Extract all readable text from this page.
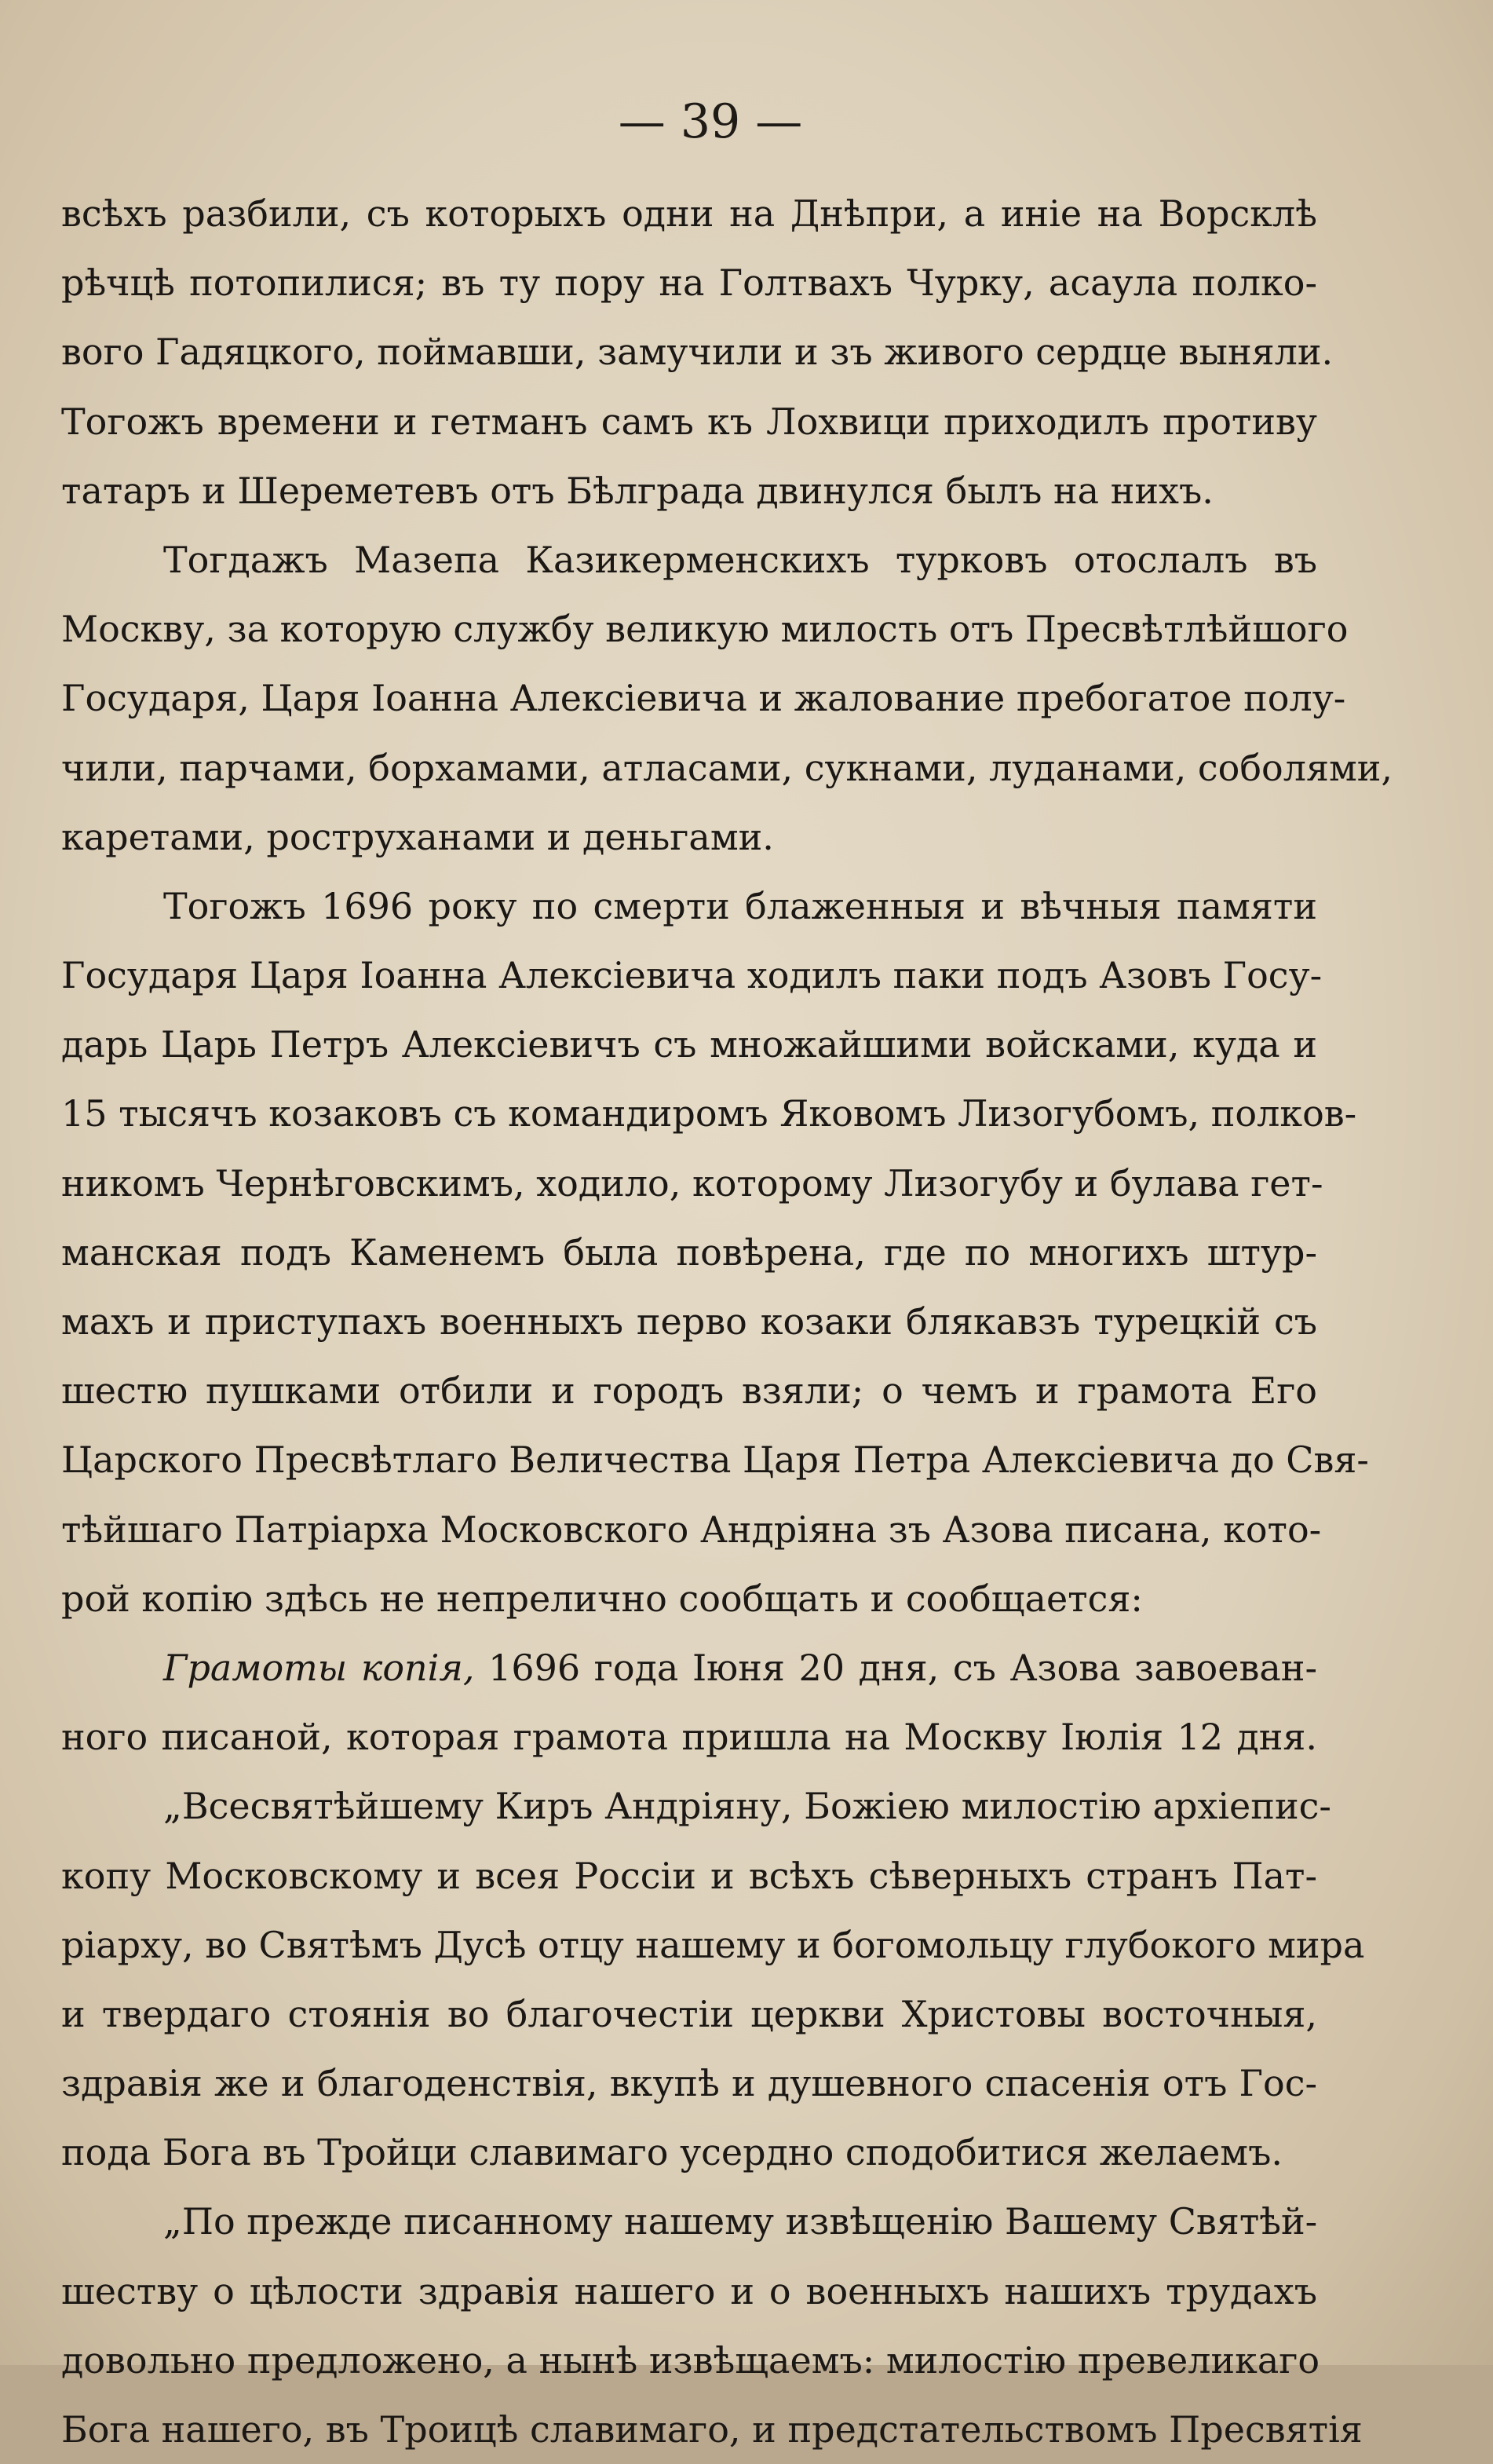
— 39 —
всѣхъ разбили, съ которыхъ одни на Днѣпри, а иніе на Ворсклѣ
рѣчцѣ потопилися; въ ту пору на Голтвахъ Чурку, асаула полко-
вого Гадяцкого, поймавши, замучили и зъ живого сердце выняли.
Тогожъ времени и гетманъ самъ къ Лохвици приходилъ противу
татаръ и Шереметевъ отъ Бѣлграда двинулся былъ на нихъ.
Тогдажъ Мазепа Казикерменскихъ турковъ отослалъ въ
Москву, за которую службу великую милость отъ Пресвѣтлѣйшого
Государя, Царя Іоанна Алексіевича и жалование пребогатое полу-
чили, парчами, борхамами, атласами, сукнами, луданами, соболями,
каретами, роструханами и деньгами.
Тогожъ 1696 року по смерти блаженныя и вѣчныя памяти
Государя Царя Іоанна Алексіевича ходилъ паки подъ Азовъ Госу-
дарь Царь Петръ Алексіевичъ съ множайшими войсками, куда и
15 тысячъ козаковъ съ командиромъ Яковомъ Лизогубомъ, полков-
никомъ Чернѣговскимъ, ходило, которому Лизогубу и булава гет-
манская подъ Каменемъ была повѣрена, где по многихъ штур-
махъ и приступахъ военныхъ перво козаки блякавзъ турецкій съ
шестю пушками отбили и городъ взяли; о чемъ и грамота Его
Царского Пресвѣтлаго Величества Царя Петра Алексіевича до Свя-
тѣйшаго Патріарха Московского Андріяна зъ Азова писана, кото-
рой копію здѣсь не непрелично сообщать и сообщается:
Грамоты копія, 1696 года Іюня 20 дня, съ Азова завоеван-
ного писаной, которая грамота пришла на Москву Іюлія 12 дня.
„Всесвятѣйшему Киръ Андріяну, Божіею милостію архіепис-
копу Московскому и всея Россіи и всѣхъ сѣверныхъ странъ Пат-
ріарху, во Святѣмъ Дусѣ отцу нашему и богомольцу глубокого мира
и твердаго стоянія во благочестіи церкви Христовы восточныя,
здравія же и благоденствія, вкупѣ и душевного спасенія отъ Гос-
пода Бога въ Тройци славимаго усердно сподобитися желаемъ.
„По прежде писанному нашему извѣщенію Вашему Святѣй-
шеству о цѣлости здравія нашего и о военныхъ нашихъ трудахъ
довольно предложено, а нынѣ извѣщаемъ: милостію превеликаго
Бога нашего, въ Троицѣ славимаго, и предстательствомъ Пресвятія
